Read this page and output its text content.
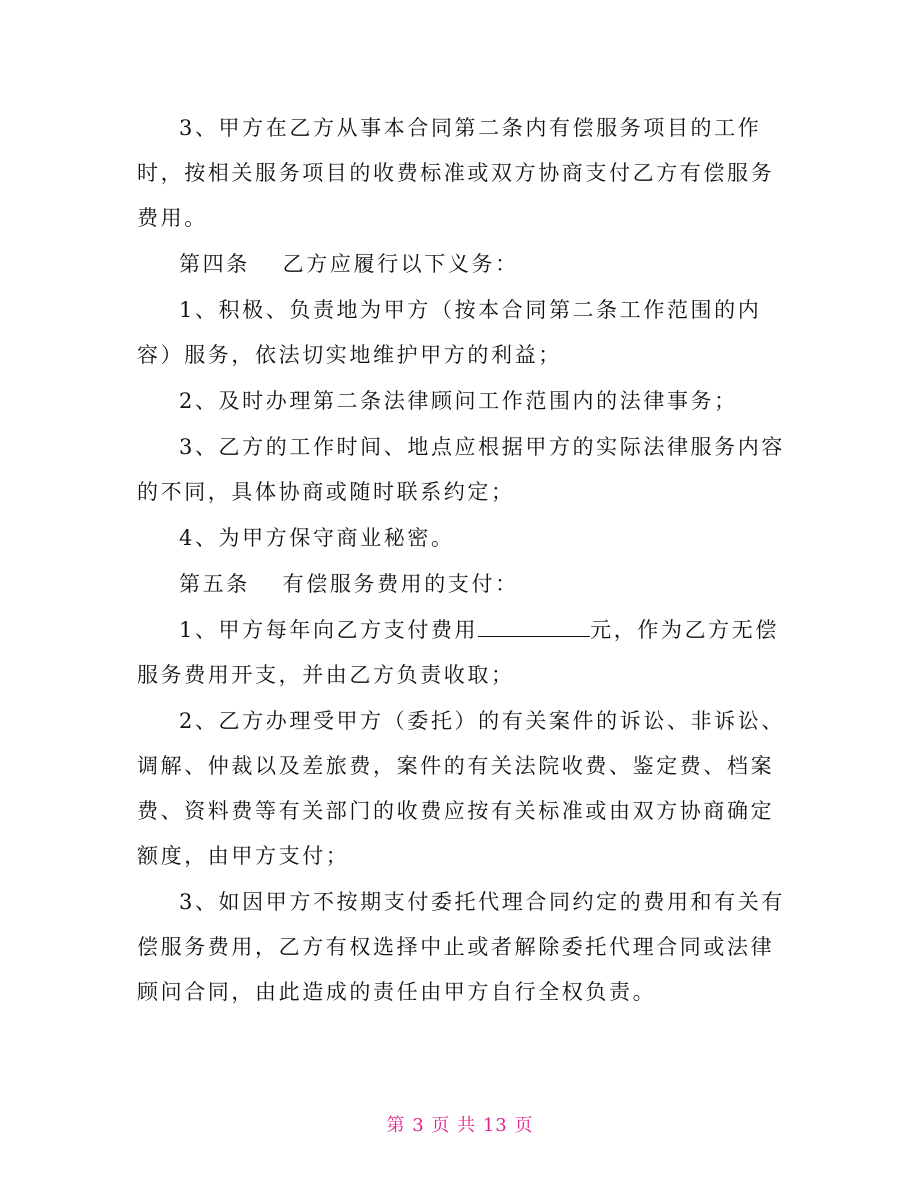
3、甲方在乙方从事本合同第二条内有偿服务项目的工作时，按相关服务项目的收费标准或双方协商支付乙方有偿服务费用。

第四条　 乙方应履行以下义务：

1、积极、负责地为甲方（按本合同第二条工作范围的内容）服务，依法切实地维护甲方的利益；

2、及时办理第二条法律顾问工作范围内的法律事务；

3、乙方的工作时间、地点应根据甲方的实际法律服务内容的不同，具体协商或随时联系约定；

4、为甲方保守商业秘密。

第五条　 有偿服务费用的支付：

1、甲方每年向乙方支付费用	元，作为乙方无偿服务费用开支，并由乙方负责收取；

2、乙方办理受甲方（委托）的有关案件的诉讼、非诉讼、调解、仲裁以及差旅费，案件的有关法院收费、鉴定费、档案费、资料费等有关部门的收费应按有关标准或由双方协商确定额度，由甲方支付；

3、如因甲方不按期支付委托代理合同约定的费用和有关有偿服务费用，乙方有权选择中止或者解除委托代理合同或法律顾问合同，由此造成的责任由甲方自行全权负责。

第 3 页 共 13 页
